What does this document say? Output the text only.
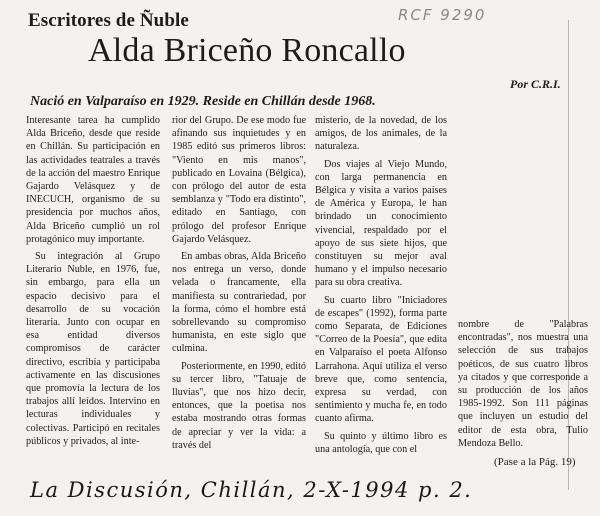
Escritores de Ñuble	RCF 9290
Alda Briceño Roncallo
Por C.R.I.
Nació en Valparaíso en 1929. Reside en Chillán desde 1968.

Interesante tarea ha cumplido Alda Briceño, desde que reside en Chillán. Su participación en las actividades teatrales a través de la acción del maestro Enrique Gajardo Velásquez y de INECUCH, organismo de su presidencia por muchos años, Alda Briceño cumplió un rol protagónico muy importante.

Su integración al Grupo Literario Nuble, en 1976, fue, sin embargo, para ella un espacio decisivo para el desarrollo de su vocación literaria. Junto con ocupar en esa entidad diversos compromisos de carácter directivo, escribía y participaba activamente en las discusiones que promovía la lectura de los trabajos allí leídos. Intervino en lecturas individuales y colectivas. Participó en recitales públicos y privados, al inte-

rior del Grupo. De ese modo fue afinando sus inquietudes y en 1985 editó sus primeros libros: "Viento en mis manos", publicado en Lovaina (Bélgica), con prólogo del autor de esta semblanza y "Todo era distinto", editado en Santiago, con prólogo del profesor Enrique Gajardo Velásquez.

En ambas obras, Alda Briceño nos entrega un verso, donde velada o francamente, ella manifiesta su contrariedad, por la forma, cómo el hombre está sobrellevando su compromiso humanista, en este siglo que culmina.

Posteriormente, en 1990, editó su tercer libro, "Tatuaje de lluvias", que nos hizo decir, entonces, que la poetisa nos estaba mostrando otras formas de apreciar y ver la vida: a través del

misterio, de la novedad, de los amigos, de los animales, de la naturaleza.

Dos viajes al Viejo Mundo, con larga permanencia en Bélgica y visita a varios países de América y Europa, le han brindado un conocimiento vivencial, respaldado por el apoyo de sus siete hijos, que constituyen su mejor aval humano y el impulso necesario para su obra creativa.

Su cuarto libro "Iniciadores de escapes" (1992), forma parte como Separata, de Ediciones "Correo de la Poesía", que edita en Valparaíso el poeta Alfonso Larrahona. Aquí utiliza el verso breve que, como sentencia, expresa su verdad, con sentimiento y mucha fe, en todo cuanto afirma.

Su quinto y último libro es una antología, que con el

nombre de "Palabras encontradas", nos muestra una selección de sus trabajos poéticos, de sus cuatro libros ya citados y que corresponde a su producción de los años 1985-1992. Son 111 páginas que incluyen un estudio del editor de esta obra, Tulio Mendoza Bello.

(Pase a la Pág. 19)
La Discusión, Chillán, 2-X-1994 p. 2.
